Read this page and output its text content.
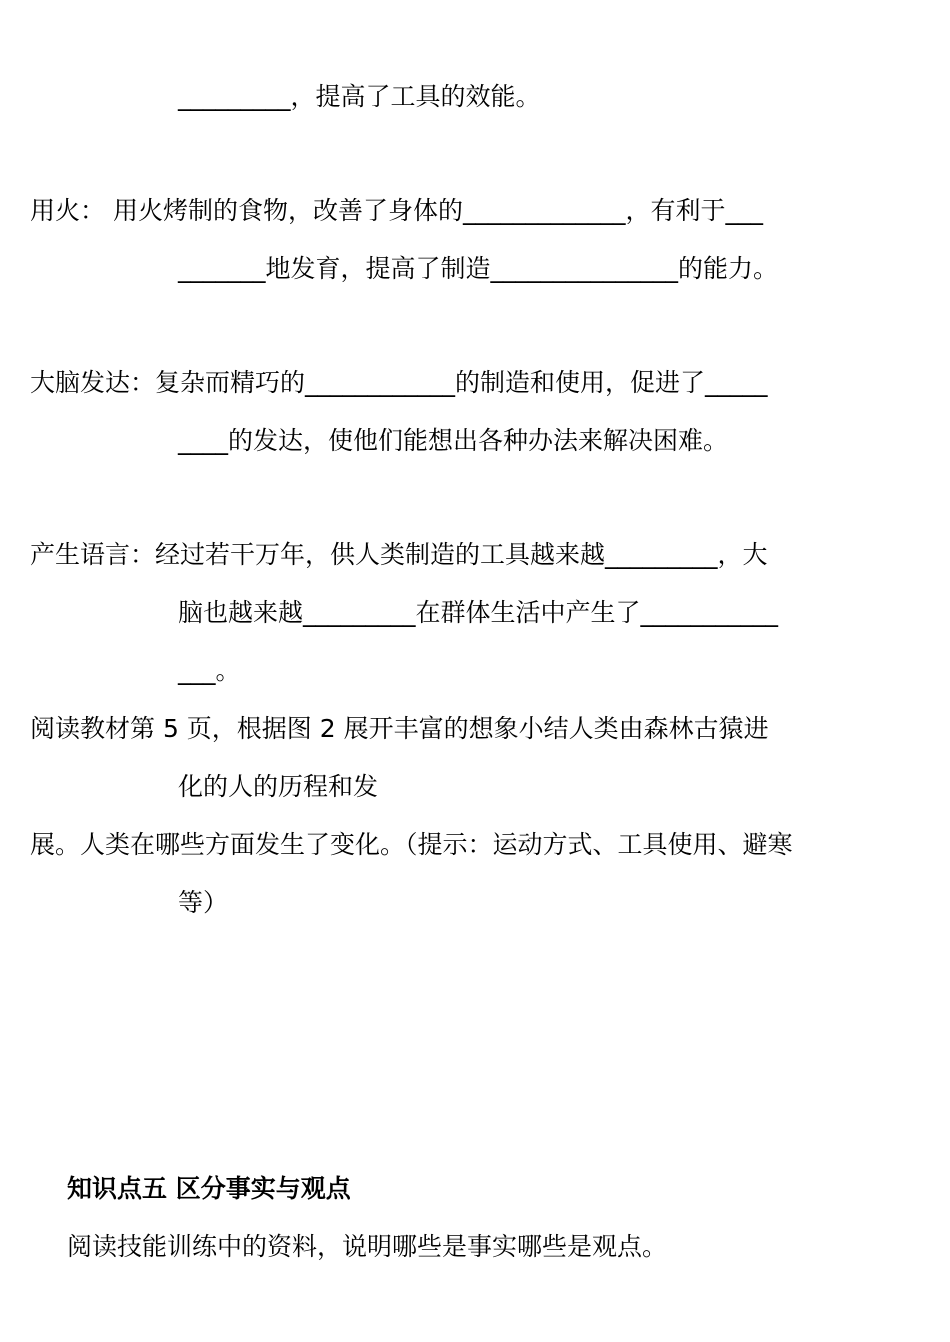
_________，提高了工具的效能。
用火： 用火烤制的食物，改善了身体的_____________，有利于___
_______地发育，提高了制造_______________的能力。
大脑发达：复杂而精巧的____________的制造和使用，促进了_____
____的发达，使他们能想出各种办法来解决困难。
产生语言：经过若干万年，供人类制造的工具越来越_________，大
脑也越来越_________在群体生活中产生了___________
___。
阅读教材第 5 页，根据图 2 展开丰富的想象小结人类由森林古猿进
化的人的历程和发
展。人类在哪些方面发生了变化。（提示：运动方式、工具使用、避寒
等）
知识点五 区分事实与观点
阅读技能训练中的资料，说明哪些是事实哪些是观点。
